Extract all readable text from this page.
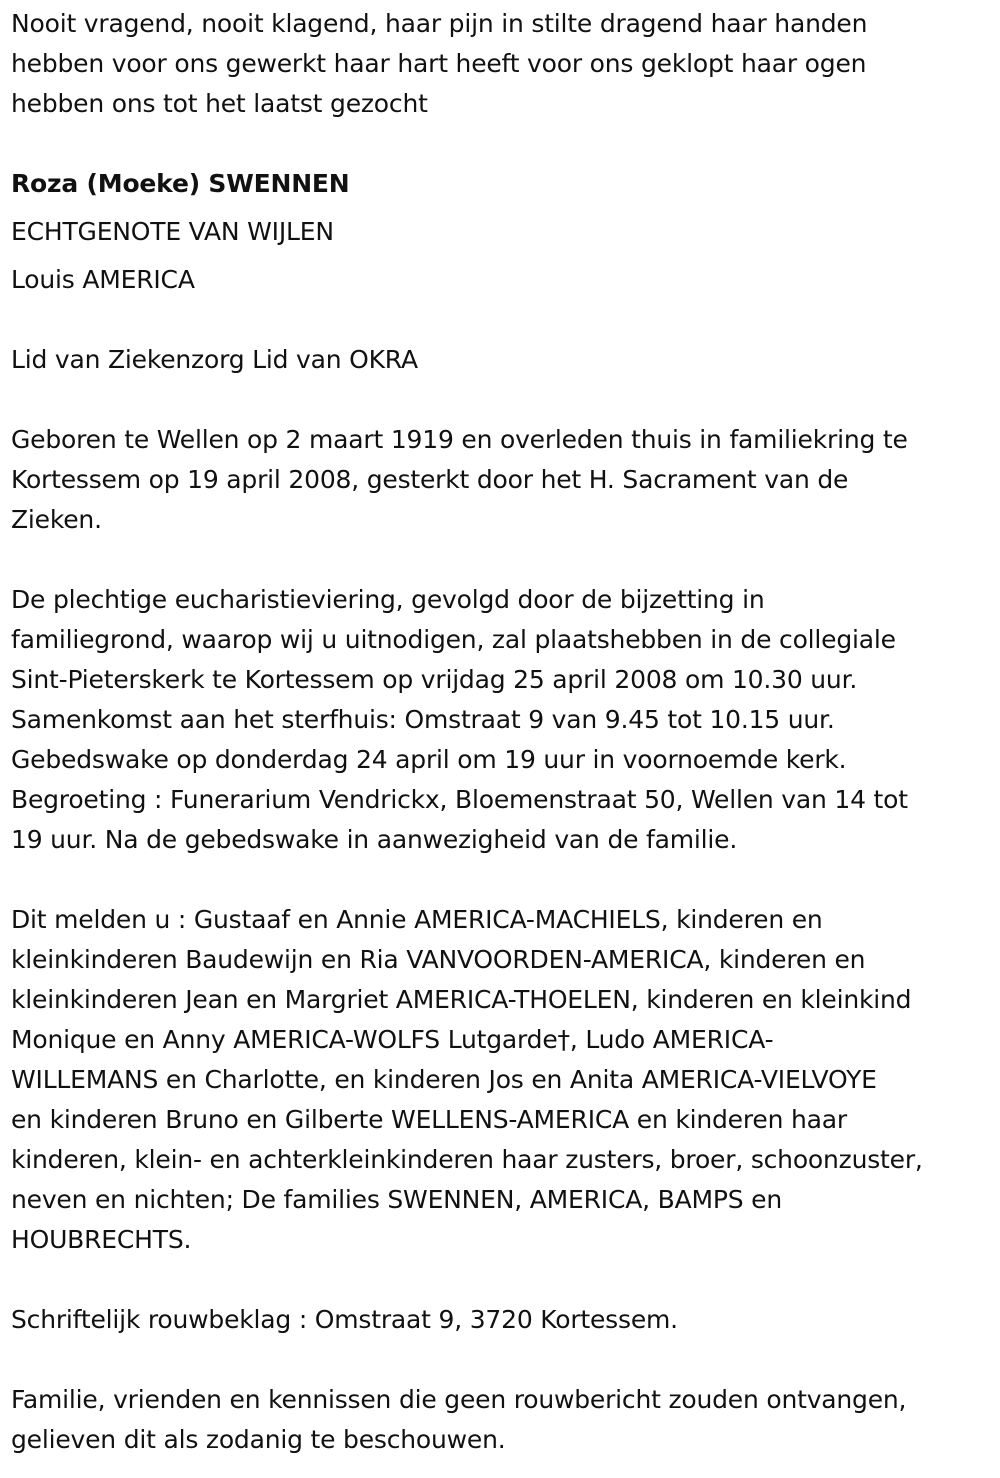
Nooit vragend, nooit klagend, haar pijn in stilte dragend haar handen
hebben voor ons gewerkt haar hart heeft voor ons geklopt haar ogen
hebben ons tot het laatst gezocht
Roza (Moeke) SWENNEN
ECHTGENOTE VAN WIJLEN
Louis AMERICA
Lid van Ziekenzorg Lid van OKRA
Geboren te Wellen op 2 maart 1919 en overleden thuis in familiekring te
Kortessem op 19 april 2008, gesterkt door het H. Sacrament van de
Zieken.
De plechtige eucharistieviering, gevolgd door de bijzetting in
familiegrond, waarop wij u uitnodigen, zal plaatshebben in de collegiale
Sint-Pieterskerk te Kortessem op vrijdag 25 april 2008 om 10.30 uur.
Samenkomst aan het sterfhuis: Omstraat 9 van 9.45 tot 10.15 uur.
Gebedswake op donderdag 24 april om 19 uur in voornoemde kerk.
Begroeting : Funerarium Vendrickx, Bloemenstraat 50, Wellen van 14 tot
19 uur. Na de gebedswake in aanwezigheid van de familie.
Dit melden u : Gustaaf en Annie AMERICA-MACHIELS, kinderen en
kleinkinderen Baudewijn en Ria VANVOORDEN-AMERICA, kinderen en
kleinkinderen Jean en Margriet AMERICA-THOELEN, kinderen en kleinkind
Monique en Anny AMERICA-WOLFS Lutgarde†, Ludo AMERICA-
WILLEMANS en Charlotte, en kinderen Jos en Anita AMERICA-VIELVOYE
en kinderen Bruno en Gilberte WELLENS-AMERICA en kinderen haar
kinderen, klein- en achterkleinkinderen haar zusters, broer, schoonzuster,
neven en nichten; De families SWENNEN, AMERICA, BAMPS en
HOUBRECHTS.
Schriftelijk rouwbeklag : Omstraat 9, 3720 Kortessem.
Familie, vrienden en kennissen die geen rouwbericht zouden ontvangen,
gelieven dit als zodanig te beschouwen.
